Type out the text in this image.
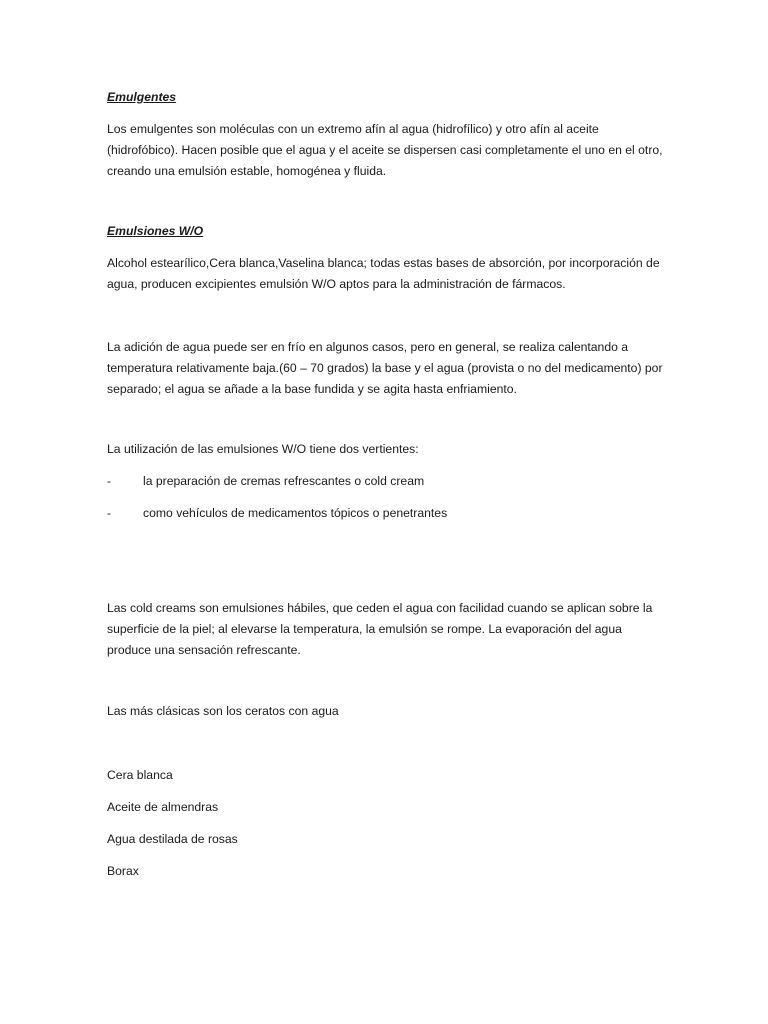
Emulgentes

Los emulgentes son moléculas con un extremo afín al agua (hidrofílico) y otro afín al aceite (hidrofóbico). Hacen posible que el agua y el aceite se dispersen casi completamente el uno en el otro, creando una emulsión estable, homogénea y fluida.

Emulsiones W/O

Alcohol estearílico,Cera blanca,Vaselina blanca; todas estas bases de absorción, por incorporación de agua, producen excipientes emulsión W/O aptos para la administración de fármacos.

La adición de agua puede ser en frío en algunos casos, pero en general, se realiza calentando a temperatura relativamente baja.(60 – 70 grados) la base y el agua (provista o no del medicamento) por separado; el agua se añade a la base fundida y se agita hasta enfriamiento.

La utilización de las emulsiones W/O tiene dos vertientes:

-	la preparación de cremas refrescantes o cold cream

-	como vehículos de medicamentos tópicos o penetrantes

Las cold creams son emulsiones hábiles, que ceden el agua con facilidad cuando se aplican sobre la superficie de la piel; al elevarse la temperatura, la emulsión se rompe. La evaporación del agua produce una sensación refrescante.

Las más clásicas son los ceratos con agua

Cera blanca

Aceite de almendras

Agua destilada de rosas

Borax
